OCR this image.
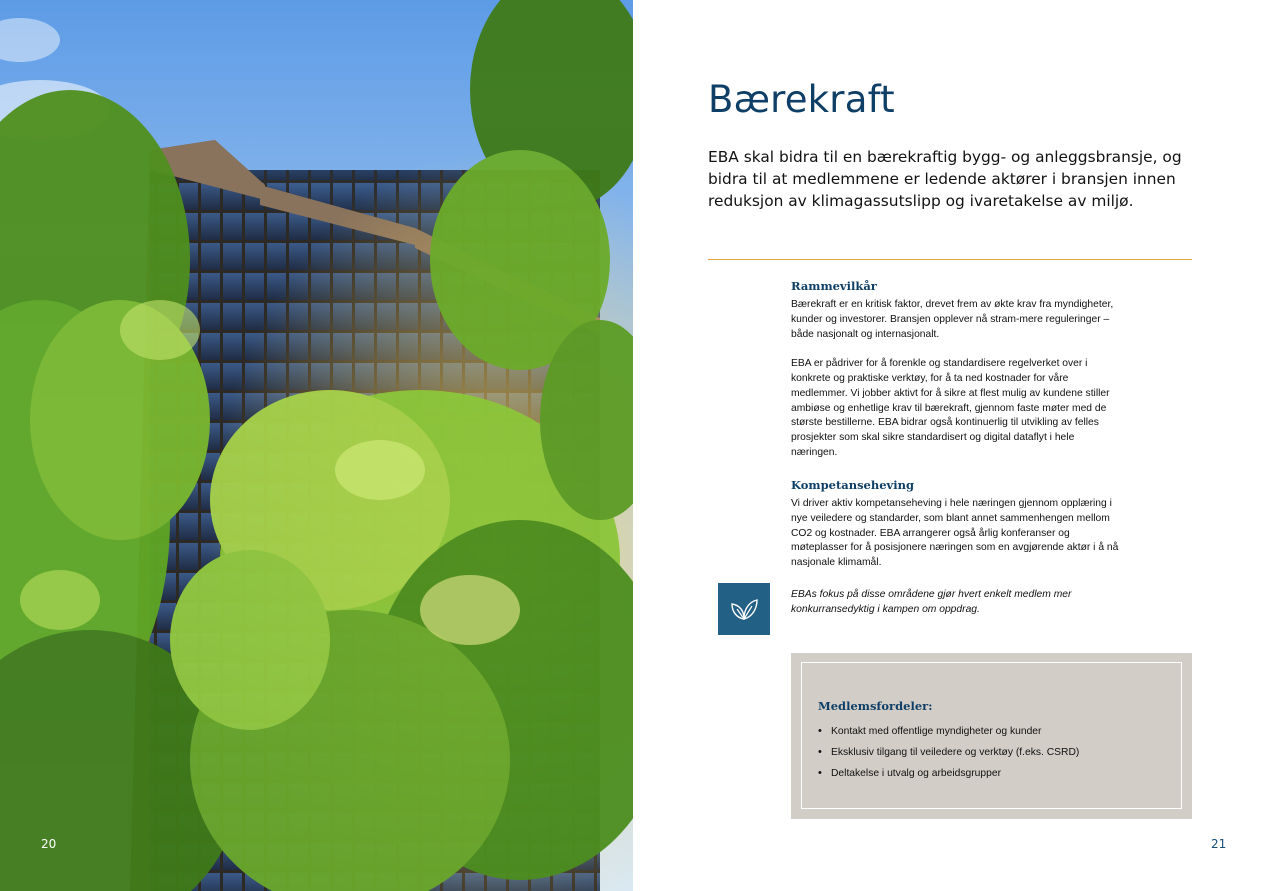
20
Bærekraft

EBA skal bidra til en bærekraftig bygg- og anleggsbransje, og bidra til at medlemmene er ledende aktører i bransjen innen reduksjon av klimagassutslipp og ivaretakelse av miljø.

Rammevilkår

Bærekraft er en kritisk faktor, drevet frem av økte krav fra myndigheter, kunder og investorer. Bransjen opplever nå stram-mere reguleringer – både nasjonalt og internasjonalt.

EBA er pådriver for å forenkle og standardisere regelverket over i konkrete og praktiske verktøy, for å ta ned kostnader for våre medlemmer. Vi jobber aktivt for å sikre at flest mulig av kundene stiller ambiøse og enhetlige krav til bærekraft, gjennom faste møter med de største bestillerne. EBA bidrar også kontinuerlig til utvikling av felles prosjekter som skal sikre standardisert og digital dataflyt i hele næringen.

Kompetanseheving

Vi driver aktiv kompetanseheving i hele næringen gjennom opplæring i nye veiledere og standarder, som blant annet sammenhengen mellom CO2 og kostnader. EBA arrangerer også årlig konferanser og møteplasser for å posisjonere næringen som en avgjørende aktør i å nå nasjonale klimamål.

EBAs fokus på disse områdene gjør hvert enkelt medlem mer konkurransedyktig i kampen om oppdrag.

Medlemsfordeler:
• Kontakt med offentlige myndigheter og kunder
• Eksklusiv tilgang til veiledere og verktøy (f.eks. CSRD)
• Deltakelse i utvalg og arbeidsgrupper
21
